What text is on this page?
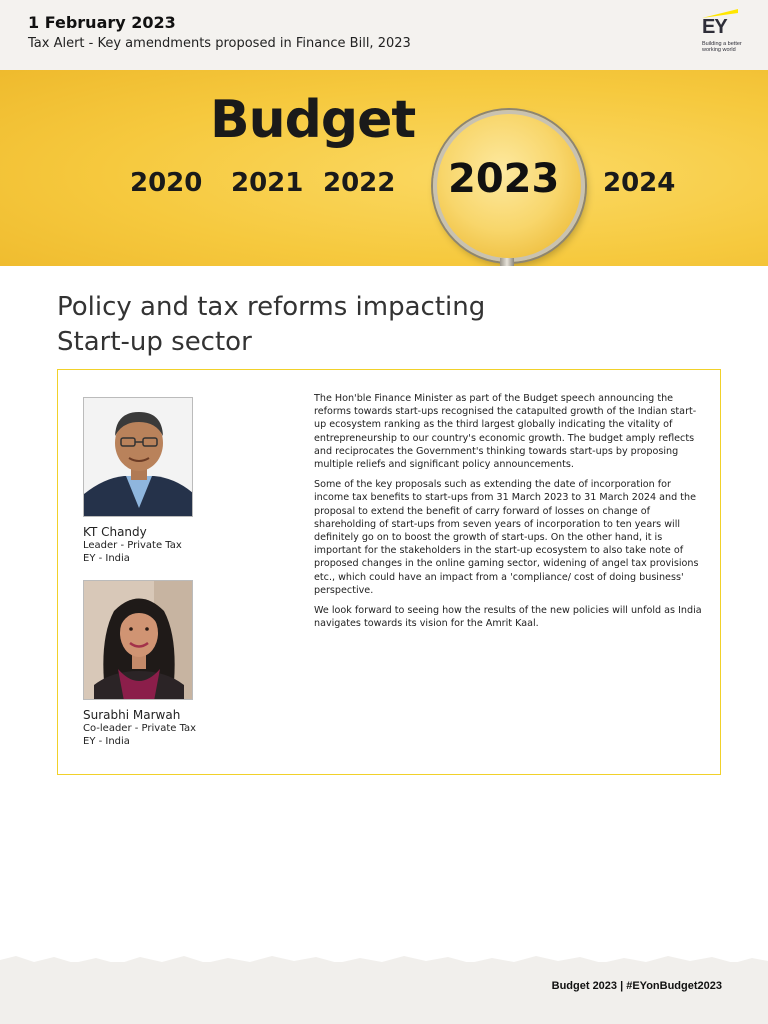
1 February 2023
Tax Alert - Key amendments proposed in Finance Bill, 2023
EY
Building a better working world
Budget
2020 2021 2022 2023 2024
Policy and tax reforms impacting
Start-up sector
KT Chandy
Leader - Private Tax
EY - India
Surabhi Marwah
Co-leader - Private Tax
EY - India

The Hon'ble Finance Minister as part of the Budget speech announcing the reforms towards start-ups recognised the catapulted growth of the Indian start-up ecosystem ranking as the third largest globally indicating the vitality of entrepreneurship to our country's economic growth. The budget amply reflects and reciprocates the Government's thinking towards start-ups by proposing multiple reliefs and significant policy announcements.

Some of the key proposals such as extending the date of incorporation for income tax benefits to start-ups from 31 March 2023 to 31 March 2024 and the proposal to extend the benefit of carry forward of losses on change of shareholding of start-ups from seven years of incorporation to ten years will definitely go on to boost the growth of start-ups. On the other hand, it is important for the stakeholders in the start-up ecosystem to also take note of proposed changes in the online gaming sector, widening of angel tax provisions etc., which could have an impact from a 'compliance/ cost of doing business' perspective.

We look forward to seeing how the results of the new policies will unfold as India navigates towards its vision for the Amrit Kaal.

Budget 2023 | #EYonBudget2023
